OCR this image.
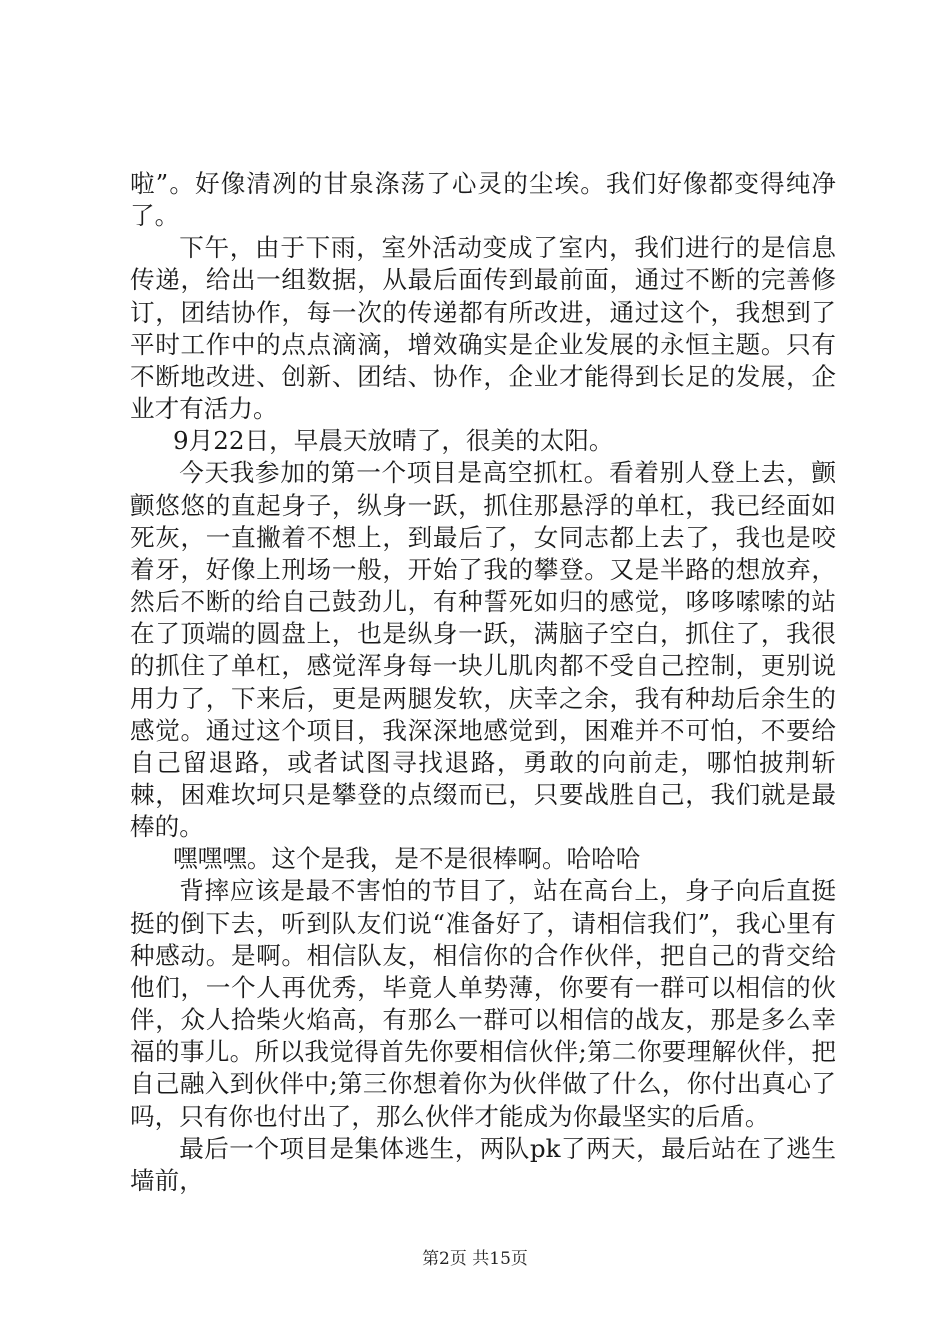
啦”。好像清冽的甘泉涤荡了心灵的尘埃。我们好像都变得纯净了。

下午，由于下雨，室外活动变成了室内，我们进行的是信息传递，给出一组数据，从最后面传到最前面，通过不断的完善修订，团结协作，每一次的传递都有所改进，通过这个，我想到了平时工作中的点点滴滴，增效确实是企业发展的永恒主题。只有不断地改进、创新、团结、协作，企业才能得到长足的发展，企业才有活力。

9月22日，早晨天放晴了，很美的太阳。

今天我参加的第一个项目是高空抓杠。看着别人登上去，颤颤悠悠的直起身子，纵身一跃，抓住那悬浮的单杠，我已经面如死灰，一直撇着不想上，到最后了，女同志都上去了，我也是咬着牙，好像上刑场一般，开始了我的攀登。又是半路的想放弃，然后不断的给自己鼓劲儿，有种誓死如归的感觉，哆哆嗦嗦的站在了顶端的圆盘上，也是纵身一跃，满脑子空白，抓住了，我很的抓住了单杠，感觉浑身每一块儿肌肉都不受自己控制，更别说用力了，下来后，更是两腿发软，庆幸之余，我有种劫后余生的感觉。通过这个项目，我深深地感觉到，困难并不可怕，不要给自己留退路，或者试图寻找退路，勇敢的向前走，哪怕披荆斩棘，困难坎坷只是攀登的点缀而已，只要战胜自己，我们就是最棒的。

嘿嘿嘿。这个是我，是不是很棒啊。哈哈哈

背摔应该是最不害怕的节目了，站在高台上，身子向后直挺挺的倒下去，听到队友们说“准备好了，请相信我们”，我心里有种感动。是啊。相信队友，相信你的合作伙伴，把自己的背交给他们，一个人再优秀，毕竟人单势薄，你要有一群可以相信的伙伴，众人拾柴火焰高，有那么一群可以相信的战友，那是多么幸福的事儿。所以我觉得首先你要相信伙伴;第二你要理解伙伴，把自己融入到伙伴中;第三你想着你为伙伴做了什么，你付出真心了吗，只有你也付出了，那么伙伴才能成为你最坚实的后盾。

最后一个项目是集体逃生，两队pk了两天，最后站在了逃生墙前，

第2页 共15页
